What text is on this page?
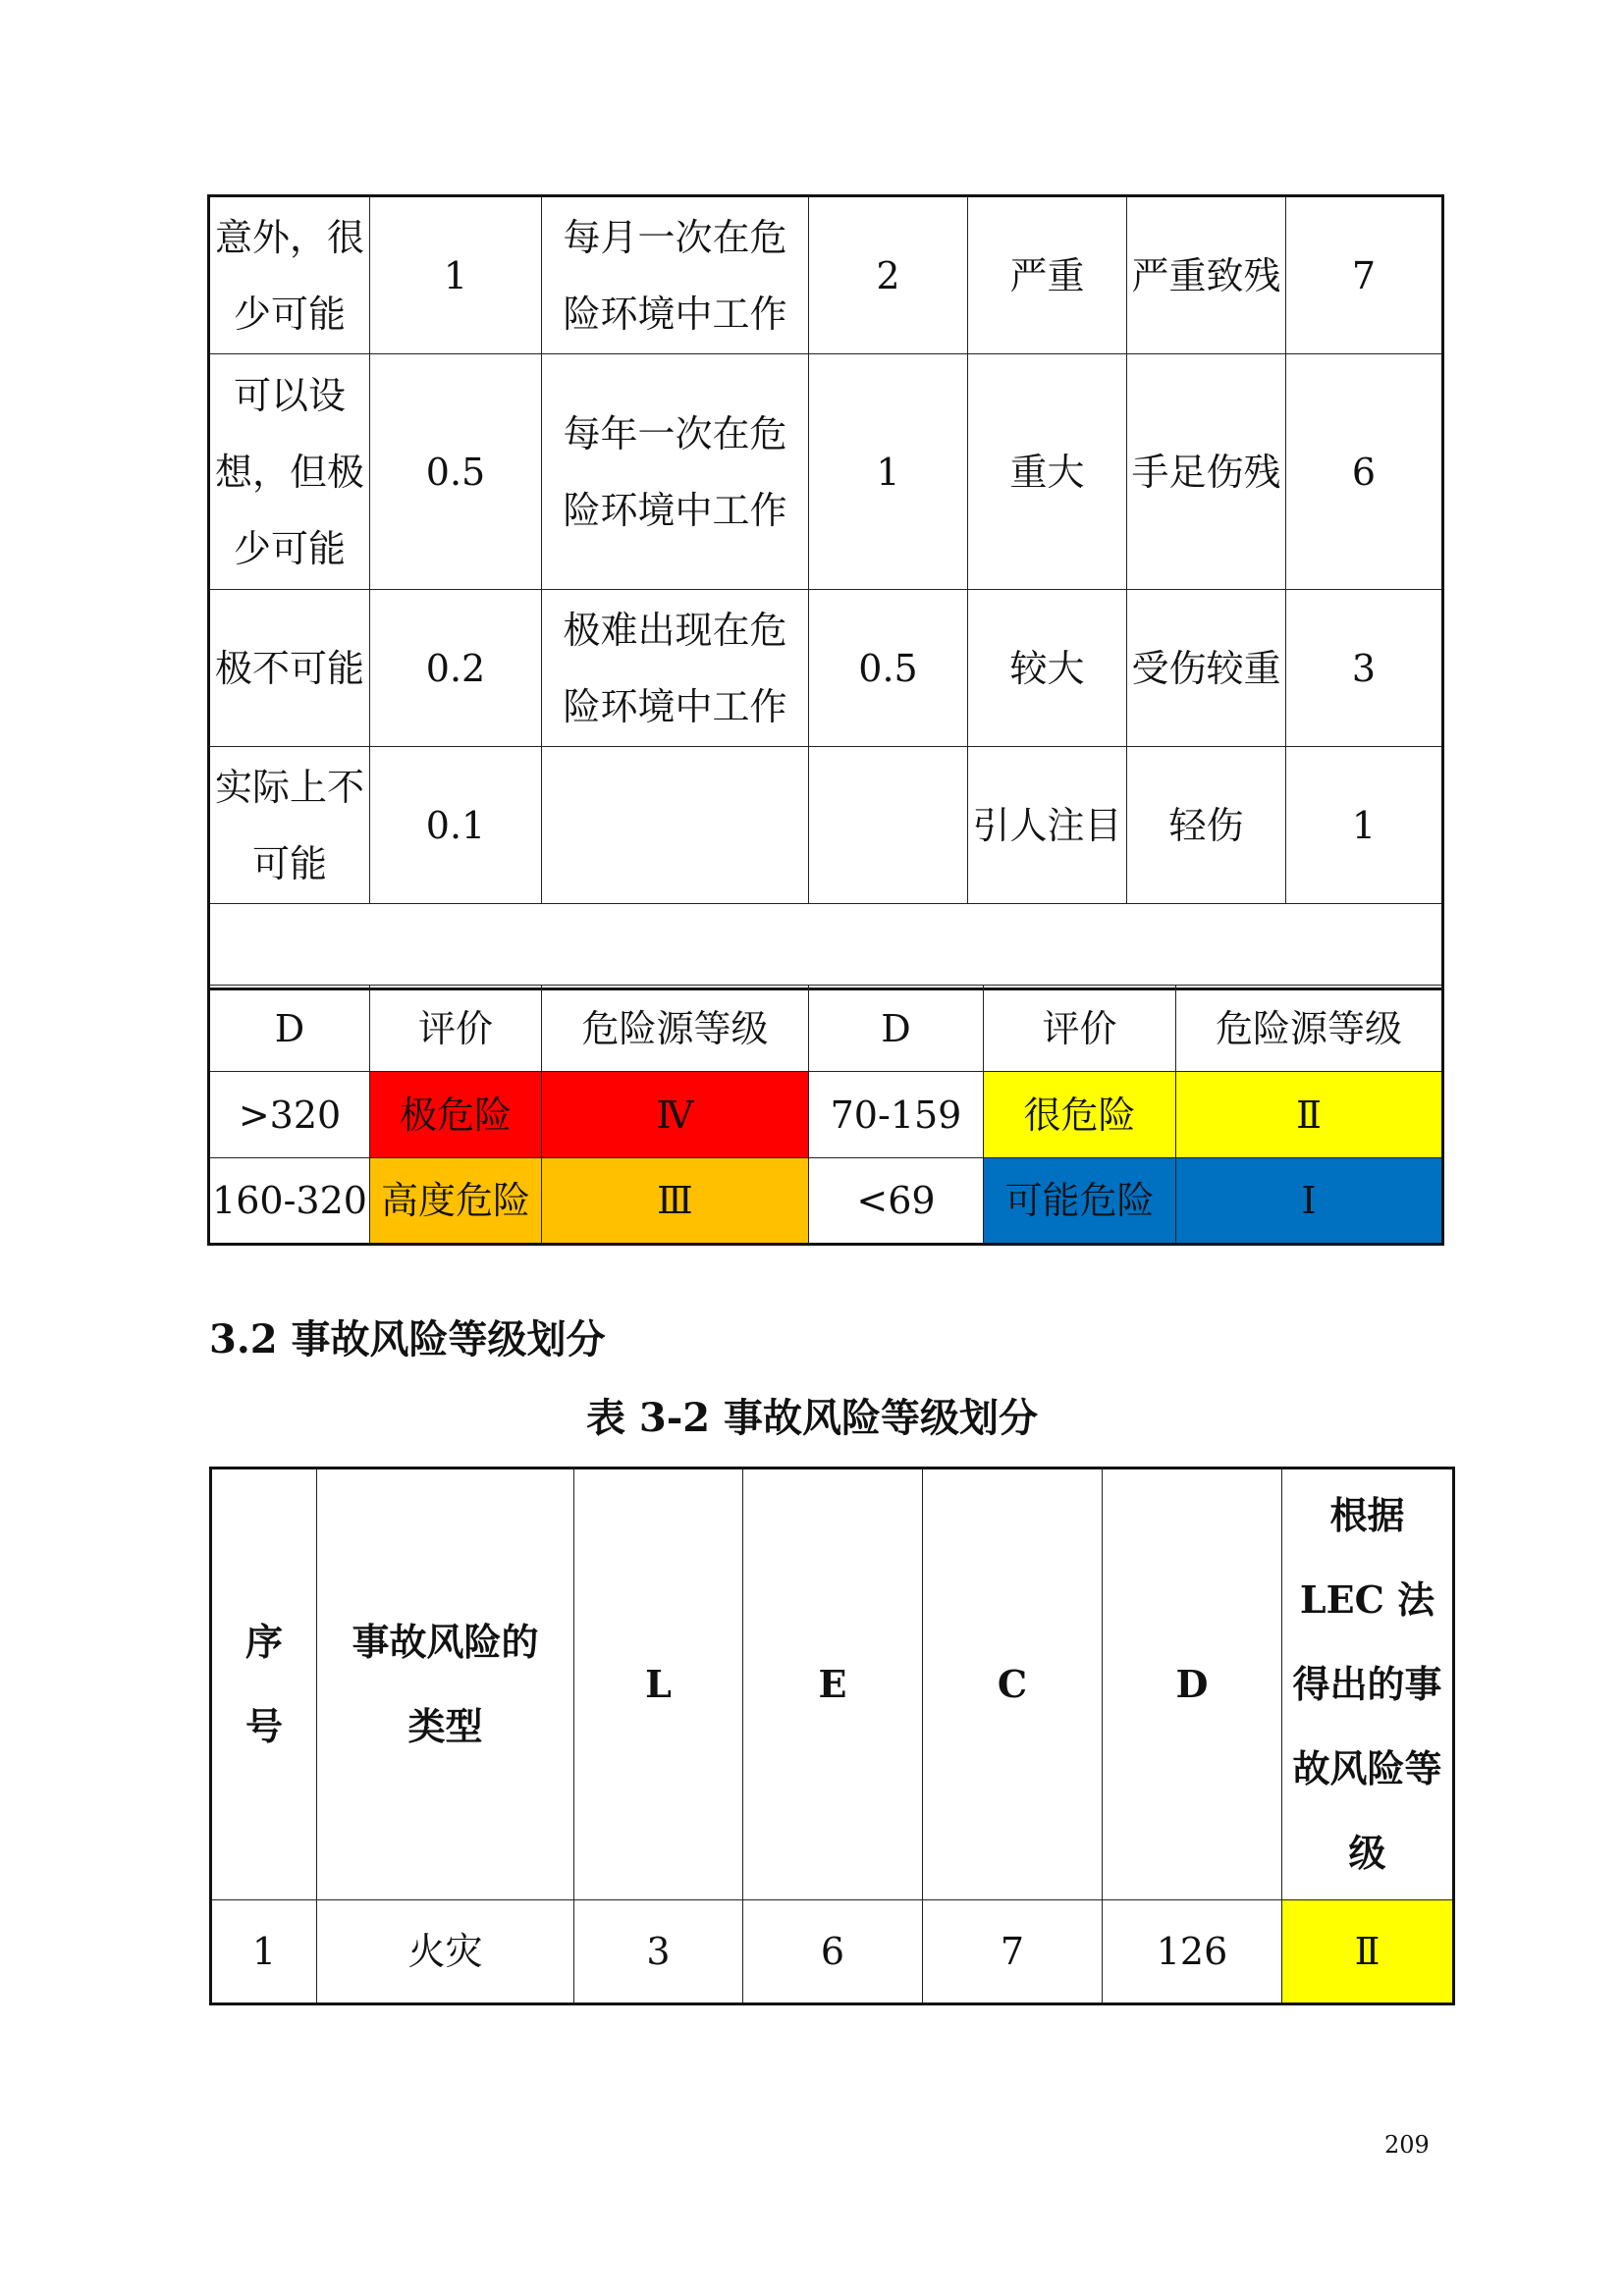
意外，很少可能	1	每月一次在危险环境中工作	2	严重	严重致残	7
可以设想，但极少可能	0.5	每年一次在危险环境中工作	1	重大	手足伤残	6
极不可能	0.2	极难出现在危险环境中工作	0.5	较大	受伤较重	3
实际上不可能	0.1			引人注目	轻伤	1

D	评价	危险源等级	D	评价	危险源等级
>320	极危险	Ⅳ	70-159	很危险	Ⅱ
160-320	高度危险	Ⅲ	<69	可能危险	Ⅰ
3.2 事故风险等级划分
表 3-2 事故风险等级划分
序号	事故风险的类型	L	E	C	D	根据 LEC 法得出的事故风险等级
1	火灾	3	6	7	126	Ⅱ
209
